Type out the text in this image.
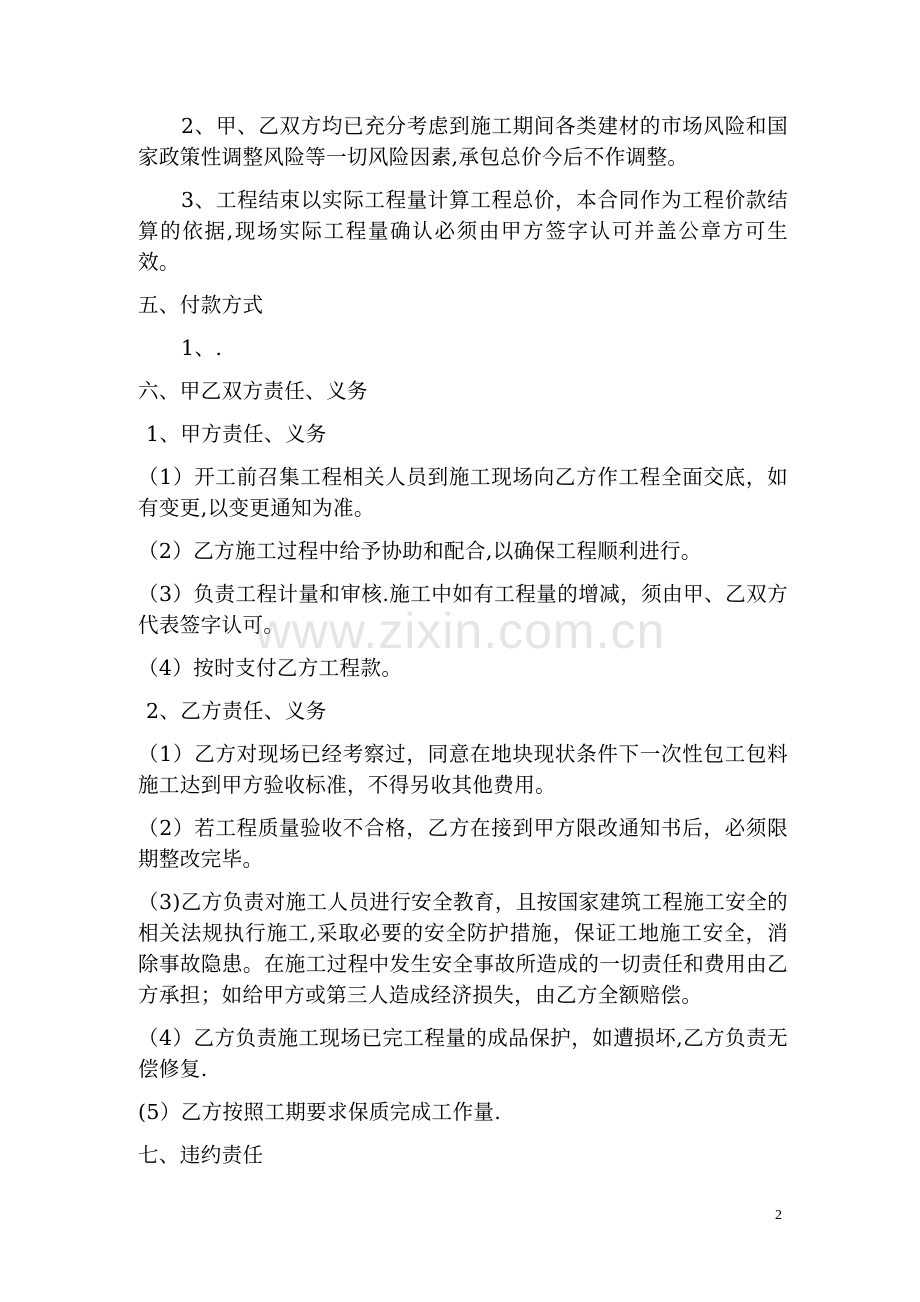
2、甲、乙双方均已充分考虑到施工期间各类建材的市场风险和国家政策性调整风险等一切风险因素,承包总价今后不作调整。

3、工程结束以实际工程量计算工程总价，本合同作为工程价款结算的依据,现场实际工程量确认必须由甲方签字认可并盖公章方可生效。

五、付款方式

1、.

六、甲乙双方责任、义务

1、甲方责任、义务

（1）开工前召集工程相关人员到施工现场向乙方作工程全面交底，如有变更,以变更通知为准。

（2）乙方施工过程中给予协助和配合,以确保工程顺利进行。

（3）负责工程计量和审核.施工中如有工程量的增减，须由甲、乙双方代表签字认可。

（4）按时支付乙方工程款。

2、乙方责任、义务

（1）乙方对现场已经考察过，同意在地块现状条件下一次性包工包料施工达到甲方验收标准，不得另收其他费用。

（2）若工程质量验收不合格，乙方在接到甲方限改通知书后，必须限期整改完毕。

（3)乙方负责对施工人员进行安全教育，且按国家建筑工程施工安全的相关法规执行施工,采取必要的安全防护措施，保证工地施工安全，消除事故隐患。在施工过程中发生安全事故所造成的一切责任和费用由乙方承担；如给甲方或第三人造成经济损失，由乙方全额赔偿。

（4）乙方负责施工现场已完工程量的成品保护，如遭损坏,乙方负责无偿修复.

(5）乙方按照工期要求保质完成工作量.

七、违约责任

www.zixin.com.cn
2
